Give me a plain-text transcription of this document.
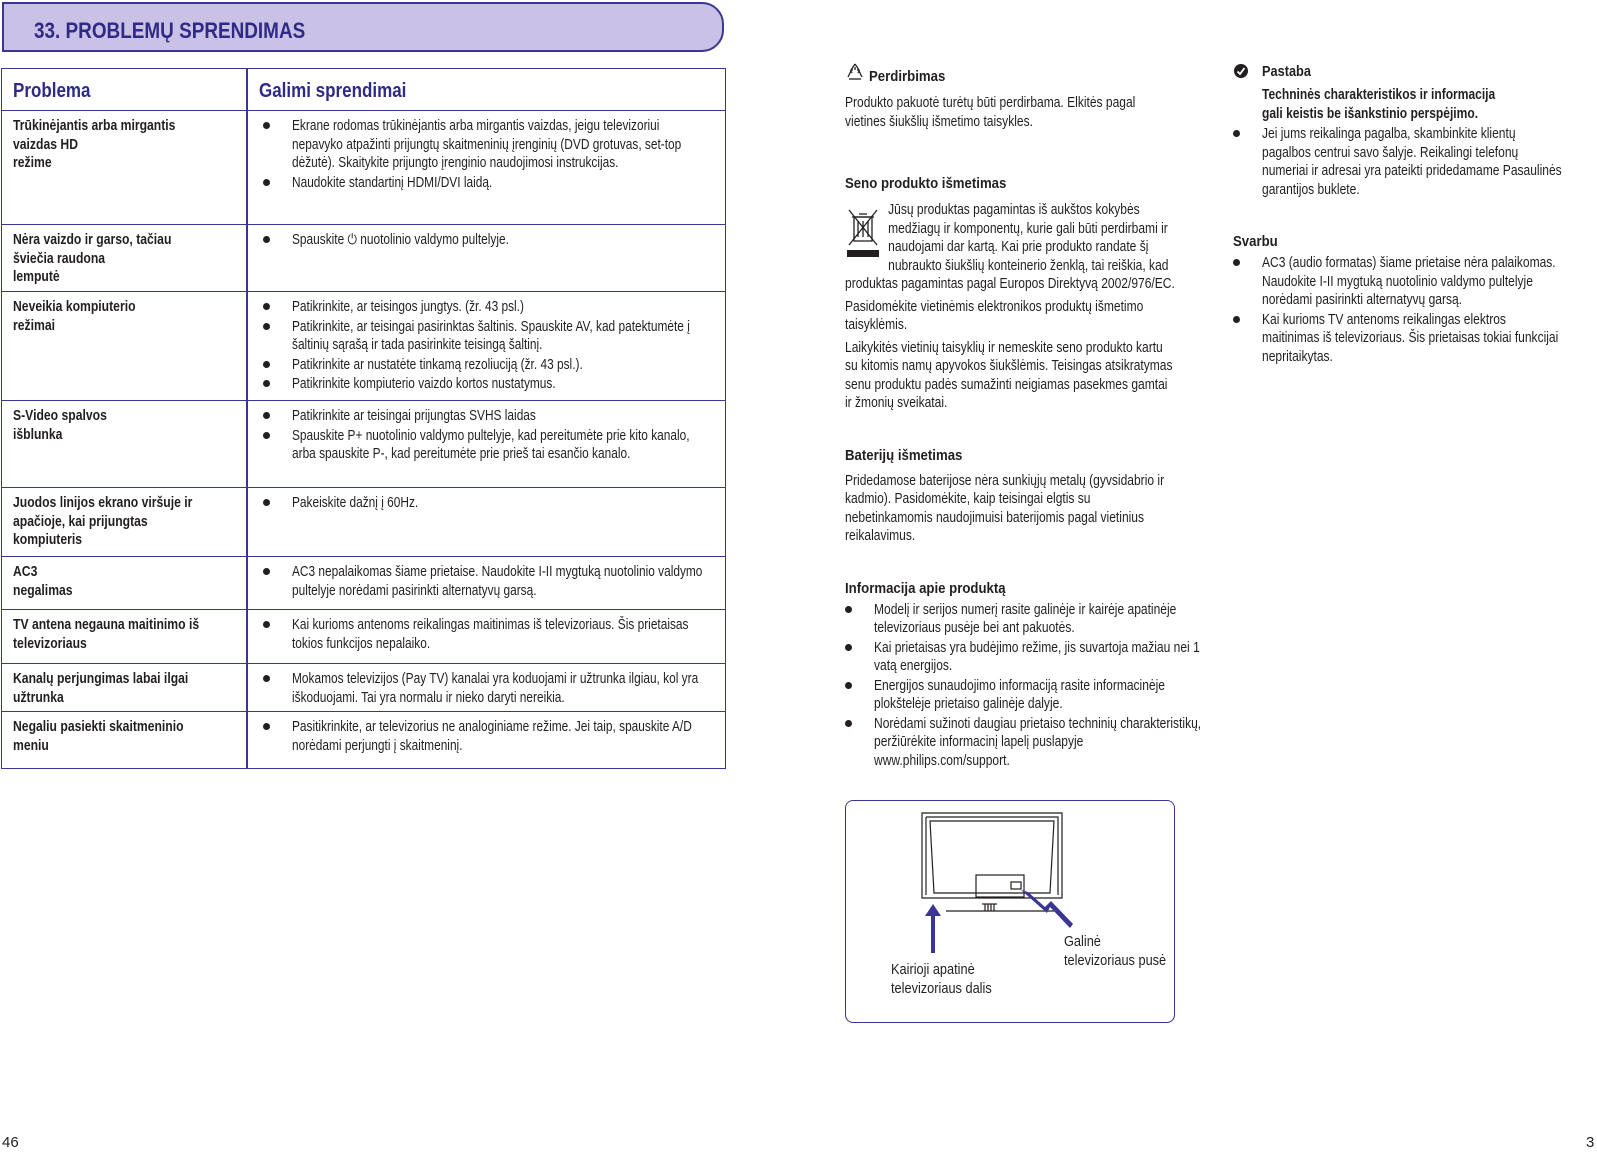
33. PROBLEMŲ SPRENDIMAS
Problema	Galimi sprendimai
Trūkinėjantis arba mirgantis
vaizdas HD
režime
Ekrane rodomas trūkinėjantis arba mirgantis vaizdas, jeigu televizoriui nepavyko atpažinti prijungtų skaitmeninių įrenginių (DVD grotuvas, set-top dėžutė). Skaitykite prijungto įrenginio naudojimosi instrukcijas.
Naudokite standartinį HDMI/DVI laidą.
Nėra vaizdo ir garso, tačiau
šviečia raudona
lemputė
Spauskite ⏻ nuotolinio valdymo pultelyje.
Neveikia kompiuterio
režimai
Patikrinkite, ar teisingos jungtys. (žr. 43 psl.)
Patikrinkite, ar teisingai pasirinktas šaltinis. Spauskite AV, kad patektumėte į šaltinių sąrašą ir tada pasirinkite teisingą šaltinį.
Patikrinkite ar nustatėte tinkamą rezoliuciją (žr. 43 psl.).
Patikrinkite kompiuterio vaizdo kortos nustatymus.
S-Video spalvos
išblunka
Patikrinkite ar teisingai prijungtas SVHS laidas
Spauskite P+ nuotolinio valdymo pultelyje, kad pereitumėte prie kito kanalo, arba spauskite P-, kad pereitumėte prie prieš tai esančio kanalo.
Juodos linijos ekrano viršuje ir
apačioje, kai prijungtas
kompiuteris
Pakeiskite dažnį į 60Hz.
AC3
negalimas
AC3 nepalaikomas šiame prietaise. Naudokite I-II mygtuką nuotolinio valdymo pultelyje norėdami pasirinkti alternatyvų garsą.
TV antena negauna maitinimo iš
televizoriaus
Kai kurioms antenoms reikalingas maitinimas iš televizoriaus. Šis prietaisas tokios funkcijos nepalaiko.
Kanalų perjungimas labai ilgai
užtrunka
Mokamos televizijos (Pay TV) kanalai yra koduojami ir užtrunka ilgiau, kol yra iškoduojami. Tai yra normalu ir nieko daryti nereikia.
Negaliu pasiekti skaitmeninio
meniu
Pasitikrinkite, ar televizorius ne analoginiame režime. Jei taip, spauskite A/D norėdami perjungti į skaitmeninį.
Perdirbimas
Produkto pakuotė turėtų būti perdirbama. Elkitės pagal vietines šiukšlių išmetimo taisykles.
Seno produkto išmetimas
Jūsų produktas pagamintas iš aukštos kokybės medžiagų ir komponentų, kurie gali būti perdirbami ir naudojami dar kartą. Kai prie produkto randate šį nubraukto šiukšlių konteinerio ženklą, tai reiškia, kad produktas pagamintas pagal Europos Direktyvą 2002/976/EC.
Pasidomėkite vietinėmis elektronikos produktų išmetimo taisyklėmis.
Laikykitės vietinių taisyklių ir nemeskite seno produkto kartu su kitomis namų apyvokos šiukšlėmis. Teisingas atsikratymas senu produktu padės sumažinti neigiamas pasekmes gamtai ir žmonių sveikatai.
Baterijų išmetimas
Pridedamose baterijose nėra sunkiųjų metalų (gyvsidabrio ir kadmio). Pasidomėkite, kaip teisingai elgtis su nebetinkamomis naudojimuisi baterijomis pagal vietinius reikalavimus.
Informacija apie produktą
Modelį ir serijos numerį rasite galinėje ir kairėje apatinėje televizoriaus pusėje bei ant pakuotės.
Kai prietaisas yra budėjimo režime, jis suvartoja mažiau nei 1 vatą energijos.
Energijos sunaudojimo informaciją rasite informacinėje plokštelėje prietaiso galinėje dalyje.
Norėdami sužinoti daugiau prietaiso techninių charakteristikų, peržiūrėkite informacinį lapelį puslapyje www.philips.com/support.
Kairioji apatinė
televizoriaus dalis
Galinė
televizoriaus pusė
Pastaba
Techninės charakteristikos ir informacija gali keistis be išankstinio perspėjimo.
Jei jums reikalinga pagalba, skambinkite klientų pagalbos centrui savo šalyje. Reikalingi telefonų numeriai ir adresai yra pateikti pridedamame Pasaulinės garantijos buklete.
Svarbu
AC3 (audio formatas) šiame prietaise nėra palaikomas. Naudokite I-II mygtuką nuotolinio valdymo pultelyje norėdami pasirinkti alternatyvų garsą.
Kai kurioms TV antenoms reikalingas elektros maitinimas iš televizoriaus. Šis prietaisas tokiai funkcijai nepritaikytas.
46	3
